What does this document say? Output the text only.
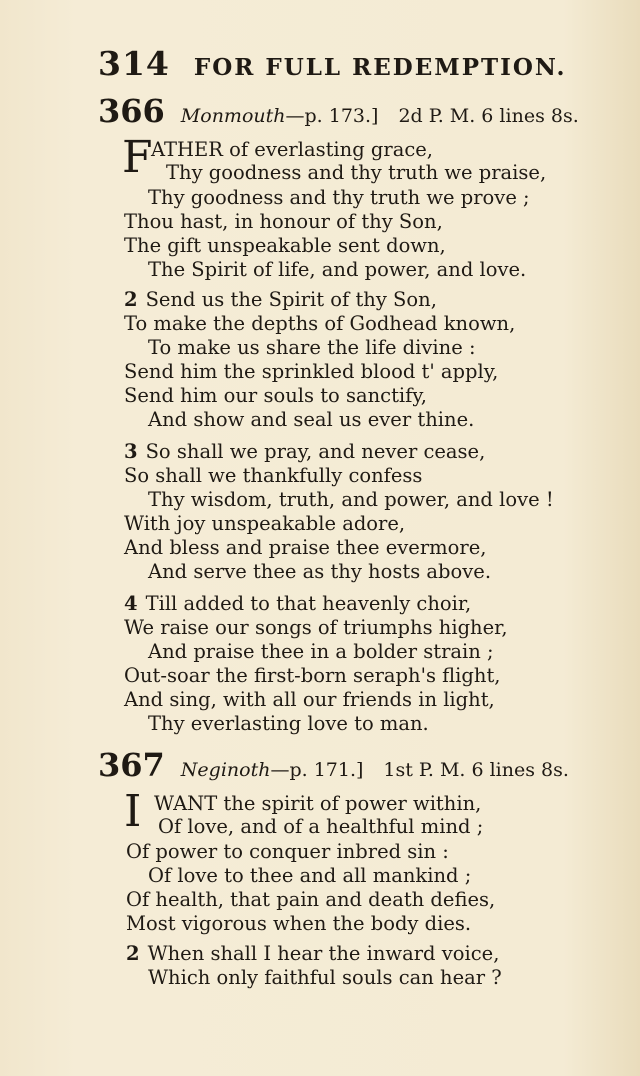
314 FOR FULL REDEMPTION.
366 Monmouth —p. 173.] 2d P. M. 6 lines 8s.
F
ATHER of everlasting grace,
Thy goodness and thy truth we praise,
Thy goodness and thy truth we prove ;
Thou hast, in honour of thy Son,
The gift unspeakable sent down,
The Spirit of life, and power, and love.
2 Send us the Spirit of thy Son,
To make the depths of Godhead known,
To make us share the life divine :
Send him the sprinkled blood t' apply,
Send him our souls to sanctify,
And show and seal us ever thine.
3 So shall we pray, and never cease,
So shall we thankfully confess
Thy wisdom, truth, and power, and love !
With joy unspeakable adore,
And bless and praise thee evermore,
And serve thee as thy hosts above.
4 Till added to that heavenly choir,
We raise our songs of triumphs higher,
And praise thee in a bolder strain ;
Out-soar the first-born seraph's flight,
And sing, with all our friends in light,
Thy everlasting love to man.
367 Neginoth —p. 171.] 1st P. M. 6 lines 8s.
I WANT the spirit of power within,
Of love, and of a healthful mind ;
Of power to conquer inbred sin :
Of love to thee and all mankind ;
Of health, that pain and death defies,
Most vigorous when the body dies.
2 When shall I hear the inward voice,
Which only faithful souls can hear ?
